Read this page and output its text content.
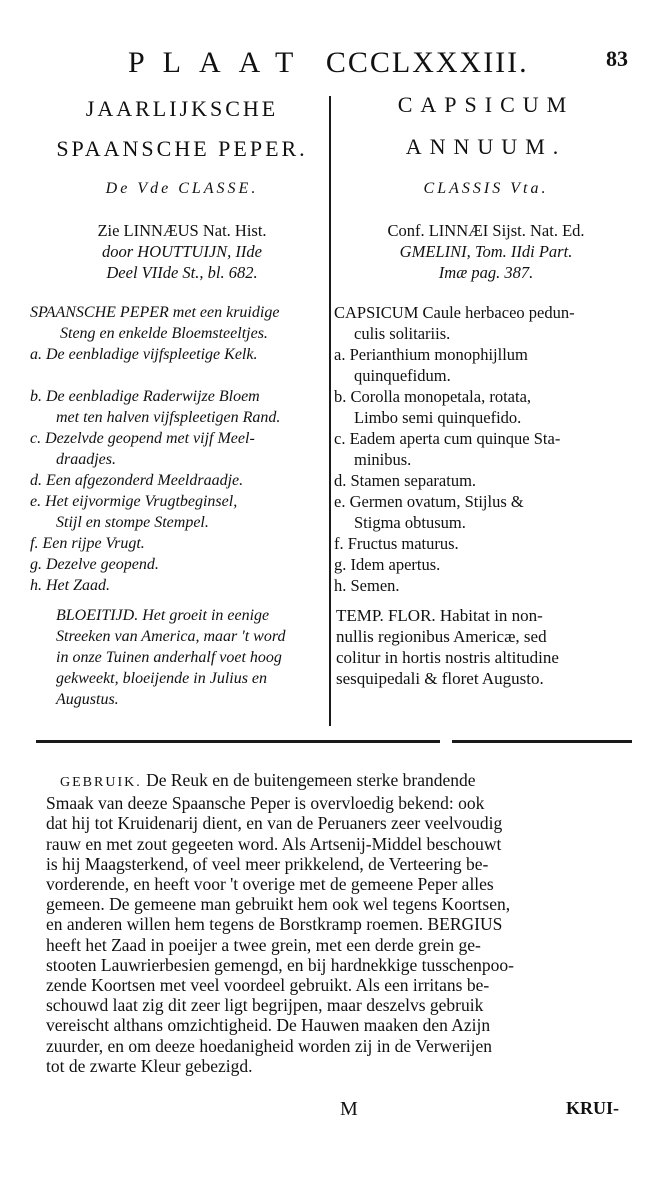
PLAAT CCCLXXXIII.	83
JAARLIJKSCHE
SPAANSCHE PEPER.
De Vde CLASSE.
Zie LINNÆUS Nat. Hist.
door HOUTTUIJN, IIde
Deel VIIde St., bl. 682.
SPAANSCHE PEPER met een kruidige
Steng en enkelde Bloemsteeltjes.
a. De eenbladige vijfspleetige Kelk.
b. De eenbladige Raderwijze Bloem
met ten halven vijfspleetigen Rand.
c. Dezelvde geopend met vijf Meel-
draadjes.
d. Een afgezonderd Meeldraadje.
e. Het eijvormige Vrugtbeginsel,
Stijl en stompe Stempel.
f. Een rijpe Vrugt.
g. Dezelve geopend.
h. Het Zaad.
BLOEITIJD. Het groeit in eenige
Streeken van America, maar 't word
in onze Tuinen anderhalf voet hoog
gekweekt, bloeijende in Julius en
Augustus.
CAPSICUM
ANNUUM.
CLASSIS Vta.
Conf. LINNÆI Sijst. Nat. Ed.
GMELINI, Tom. IIdi Part.
Imæ pag. 387.
CAPSICUM Caule herbaceo pedun-
culis solitariis.
a. Perianthium monophijllum
quinquefidum.
b. Corolla monopetala, rotata,
Limbo semi quinquefido.
c. Eadem aperta cum quinque Sta-
minibus.
d. Stamen separatum.
e. Germen ovatum, Stijlus &
Stigma obtusum.
f. Fructus maturus.
g. Idem apertus.
h. Semen.
TEMP. FLOR. Habitat in non-
nullis regionibus Americæ, sed
colitur in hortis nostris altitudine
sesquipedali & floret Augusto.
GEBRUIK. De Reuk en de buitengemeen sterke brandende
Smaak van deeze Spaansche Peper is overvloedig bekend: ook
dat hij tot Kruidenarij dient, en van de Peruaners zeer veelvoudig
rauw en met zout gegeeten word. Als Artsenij-Middel beschouwt
is hij Maagsterkend, of veel meer prikkelend, de Verteering be-
vorderende, en heeft voor 't overige met de gemeene Peper alles
gemeen. De gemeene man gebruikt hem ook wel tegens Koortsen,
en anderen willen hem tegens de Borstkramp roemen. BERGIUS
heeft het Zaad in poeijer a twee grein, met een derde grein ge-
stooten Lauwrierbesien gemengd, en bij hardnekkige tusschenpoo-
zende Koortsen met veel voordeel gebruikt. Als een irritans be-
schouwd laat zig dit zeer ligt begrijpen, maar deszelvs gebruik
vereischt althans omzichtigheid. De Hauwen maaken den Azijn
zuurder, en om deeze hoedanigheid worden zij in de Verwerijen
tot de zwarte Kleur gebezigd.
M	KRUI-
